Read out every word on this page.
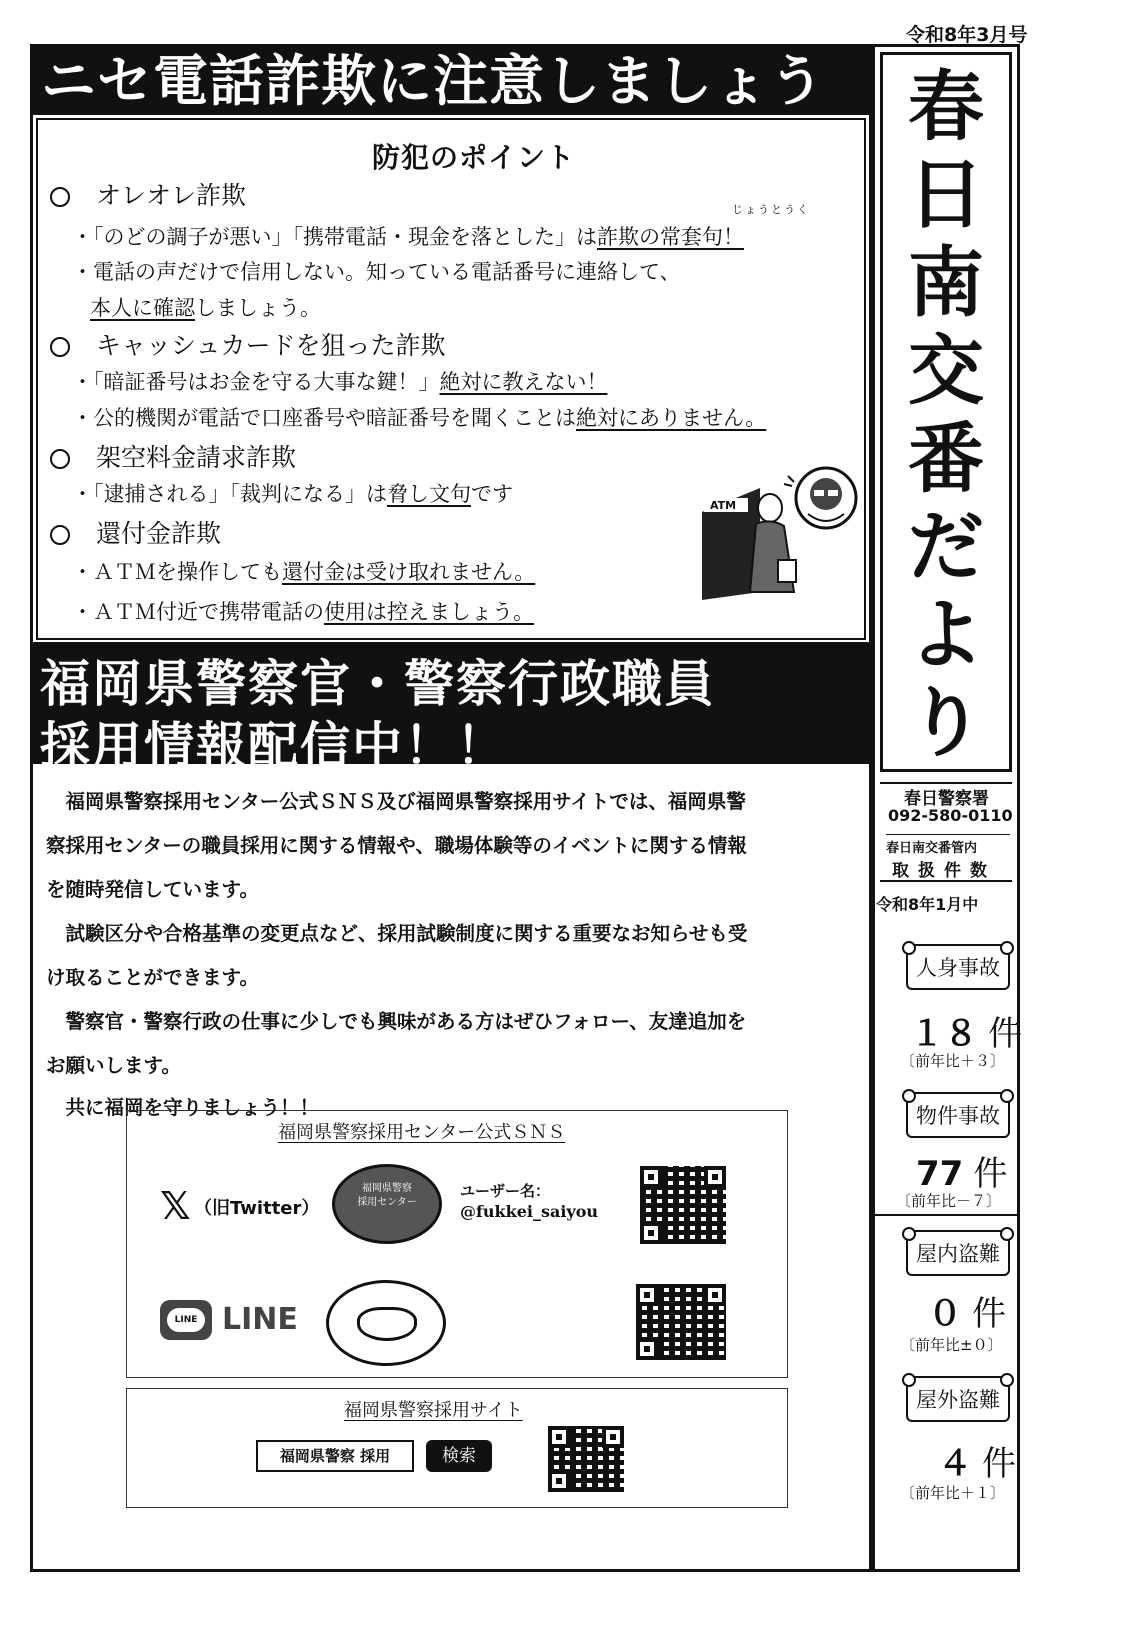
令和8年3月号
ニセ電話詐欺に注意しましょう
防犯のポイント
オレオレ詐欺	じょうとうく
・「のどの調子が悪い」「携帯電話・現金を落とした」は詐欺の常套句！
・電話の声だけで信用しない。知っている電話番号に連絡して、
本人に確認しましょう。
キャッシュカードを狙った詐欺
・「暗証番号はお金を守る大事な鍵！」絶対に教えない！
・公的機関が電話で口座番号や暗証番号を聞くことは絶対にありません。
架空料金請求詐欺
・「逮捕される」「裁判になる」は脅し文句です
還付金詐欺
・ＡＴＭを操作しても還付金は受け取れません。
・ＡＴＭ付近で携帯電話の使用は控えましょう。
ATM
福岡県警察官・警察行政職員
採用情報配信中！！
　福岡県警察採用センター公式ＳＮＳ及び福岡県警察採用サイトでは、福岡県警
察採用センターの職員採用に関する情報や、職場体験等のイベントに関する情報
を随時発信しています。
　試験区分や合格基準の変更点など、採用試験制度に関する重要なお知らせも受
け取ることができます。
　警察官・警察行政の仕事に少しでも興味がある方はぜひフォロー、友達追加を
お願いします。
　共に福岡を守りましょう！！
福岡県警察採用センター公式ＳＮＳ
𝕏 （旧Twitter）
福岡県警察
採用センター
ユーザー名：
@fukkei_saiyou
LINE LINE
福岡県警察採用サイト
福岡県警察 採用	検索
春
日
南
交
番
だ
よ
り
春日警察署
092-580-0110
春日南交番管内
取扱件数
令和8年1月中
人身事故
１８ 件
〔前年比＋３〕
物件事故
77 件
〔前年比－７〕
屋内盗難
０ 件
〔前年比±０〕
屋外盗難
４ 件
〔前年比＋１〕
